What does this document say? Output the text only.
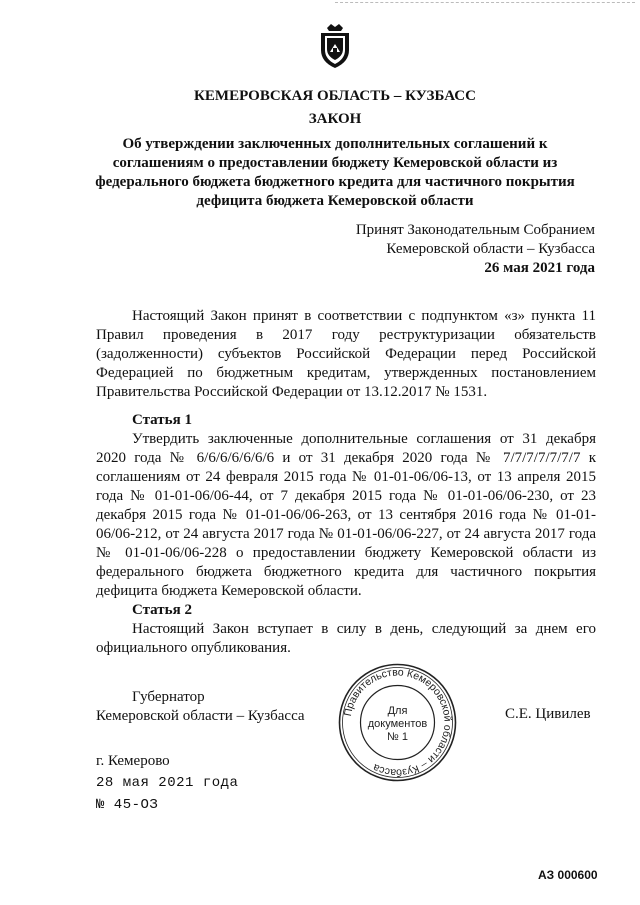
КЕМЕРОВСКАЯ ОБЛАСТЬ – КУЗБАСС
ЗАКОН
Об утверждении заключенных дополнительных соглашений к соглашениям о предоставлении бюджету Кемеровской области из федерального бюджета бюджетного кредита для частичного покрытия дефицита бюджета Кемеровской области
Принят Законодательным Собранием
Кемеровской области – Кузбасса
26 мая 2021 года
Настоящий Закон принят в соответствии с подпунктом «з» пункта 11 Правил проведения в 2017 году реструктуризации обязательств (задолженности) субъектов Российской Федерации перед Российской Федерацией по бюджетным кредитам, утвержденных постановлением Правительства Российской Федерации от 13.12.2017 № 1531.
Статья 1
Утвердить заключенные дополнительные соглашения от 31 декабря 2020 года № 6/6/6/6/6/6/6 и от 31 декабря 2020 года № 7/7/7/7/7/7/7 к соглашениям от 24 февраля 2015 года № 01-01-06/06-13, от 13 апреля 2015 года № 01-01-06/06-44, от 7 декабря 2015 года № 01-01-06/06-230, от 23 декабря 2015 года № 01-01-06/06-263, от 13 сентября 2016 года № 01-01-06/06-212, от 24 августа 2017 года № 01-01-06/06-227, от 24 августа 2017 года № 01-01-06/06-228 о предоставлении бюджету Кемеровской области из федерального бюджета бюджетного кредита для частичного покрытия дефицита бюджета Кемеровской области.
Статья 2
Настоящий Закон вступает в силу в день, следующий за днем его официального опубликования.
Губернатор
Кемеровской области – Кузбасса	Правительство Кемеровской области – Кузбасса
Для
документов
№ 1
С.Е. Цивилев
г. Кемерово
28 мая 2021 года
№ 45-ОЗ
АЗ 000600
